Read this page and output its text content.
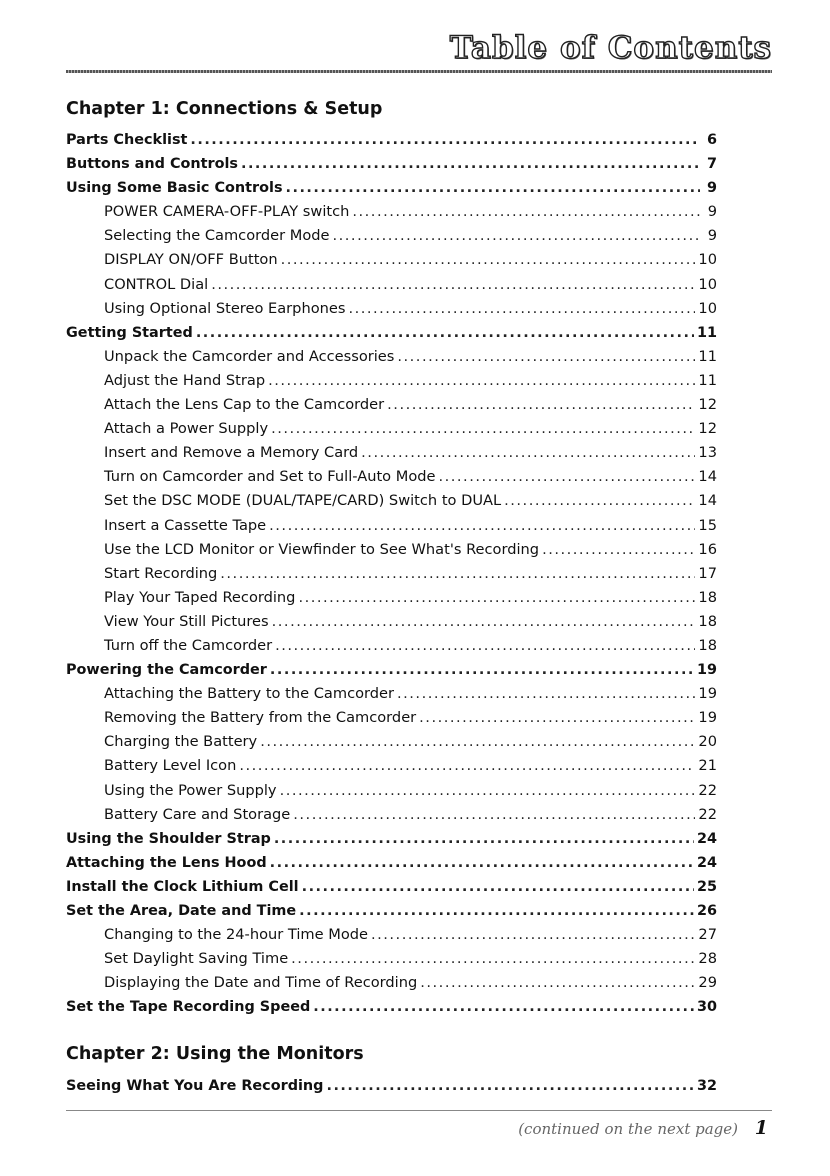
Table of Contents
Chapter 1: Connections & Setup
Parts Checklist .....	6
Buttons and Controls .....	7
Using Some Basic Controls .....	9
POWER CAMERA-OFF-PLAY switch .....	9
Selecting the Camcorder Mode .....	9
DISPLAY ON/OFF Button .....	10
CONTROL Dial .....	10
Using Optional Stereo Earphones .....	10
Getting Started .....	11
Unpack the Camcorder and Accessories .....	11
Adjust the Hand Strap .....	11
Attach the Lens Cap to the Camcorder .....	12
Attach a Power Supply .....	12
Insert and Remove a Memory Card .....	13
Turn on Camcorder and Set to Full-Auto Mode .....	14
Set the DSC MODE (DUAL/TAPE/CARD) Switch to DUAL .....	14
Insert a Cassette Tape .....	15
Use the LCD Monitor or Viewfinder to See What's Recording .....	16
Start Recording .....	17
Play Your Taped Recording .....	18
View Your Still Pictures .....	18
Turn off the Camcorder .....	18
Powering the Camcorder .....	19
Attaching the Battery to the Camcorder .....	19
Removing the Battery from the Camcorder .....	19
Charging the Battery .....	20
Battery Level Icon .....	21
Using the Power Supply .....	22
Battery Care and Storage .....	22
Using the Shoulder Strap .....	24
Attaching the Lens Hood .....	24
Install the Clock Lithium Cell .....	25
Set the Area, Date and Time .....	26
Changing to the 24-hour Time Mode .....	27
Set Daylight Saving Time .....	28
Displaying the Date and Time of Recording .....	29
Set the Tape Recording Speed .....	30
Chapter 2: Using the Monitors
Seeing What You Are Recording .....	32
(continued on the next page) 1
